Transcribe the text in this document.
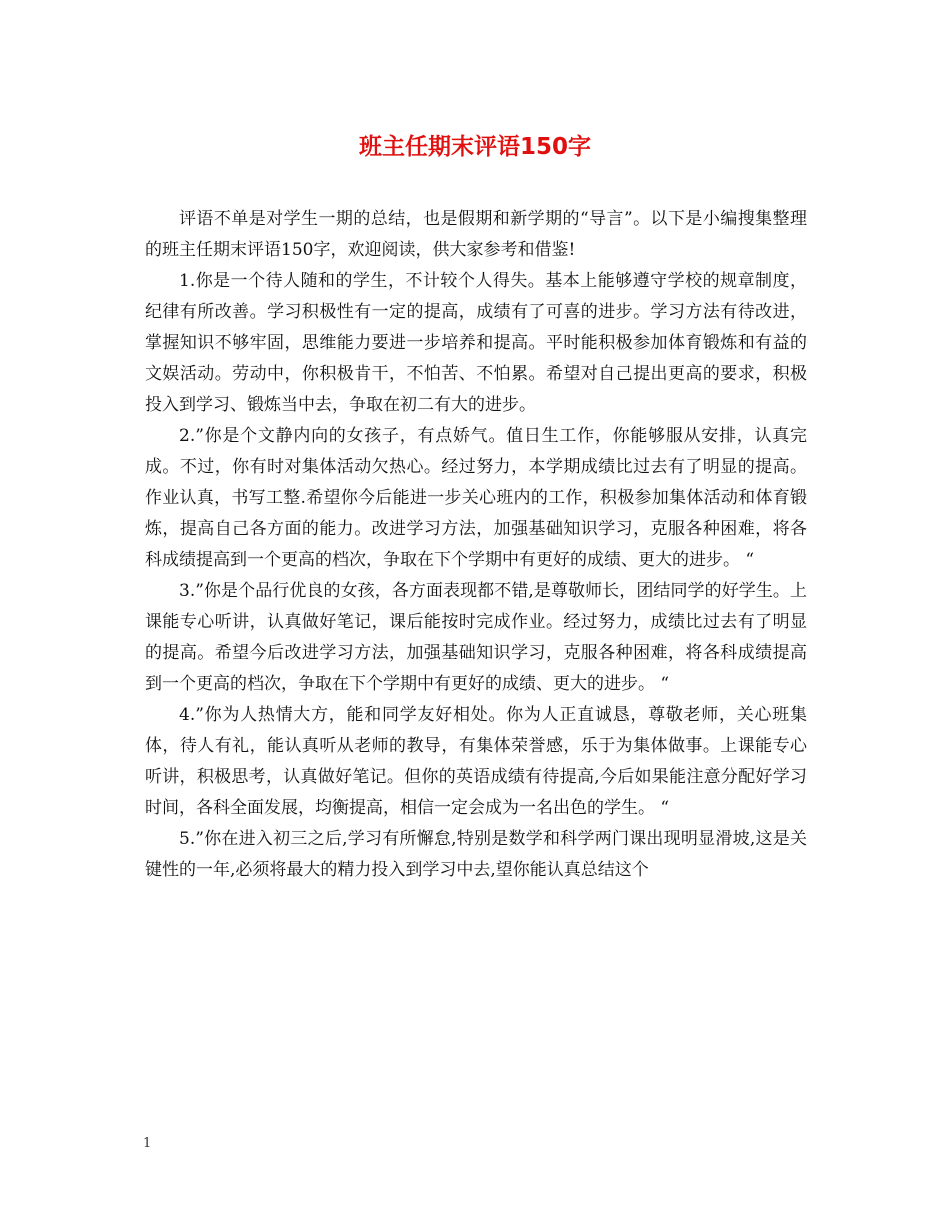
班主任期末评语150字

评语不单是对学生一期的总结，也是假期和新学期的“导言”。以下是小编搜集整理的班主任期末评语150字，欢迎阅读，供大家参考和借鉴!

1.你是一个待人随和的学生，不计较个人得失。基本上能够遵守学校的规章制度，纪律有所改善。学习积极性有一定的提高，成绩有了可喜的进步。学习方法有待改进，掌握知识不够牢固，思维能力要进一步培养和提高。平时能积极参加体育锻炼和有益的文娱活动。劳动中，你积极肯干，不怕苦、不怕累。希望对自己提出更高的要求，积极投入到学习、锻炼当中去，争取在初二有大的进步。

2.”你是个文静内向的女孩子，有点娇气。值日生工作，你能够服从安排，认真完成。不过，你有时对集体活动欠热心。经过努力，本学期成绩比过去有了明显的提高。作业认真，书写工整.希望你今后能进一步关心班内的工作，积极参加集体活动和体育锻炼，提高自己各方面的能力。改进学习方法，加强基础知识学习，克服各种困难，将各科成绩提高到一个更高的档次，争取在下个学期中有更好的成绩、更大的进步。 “

3.”你是个品行优良的女孩，各方面表现都不错,是尊敬师长，团结同学的好学生。上课能专心听讲，认真做好笔记，课后能按时完成作业。经过努力，成绩比过去有了明显的提高。希望今后改进学习方法，加强基础知识学习，克服各种困难，将各科成绩提高到一个更高的档次，争取在下个学期中有更好的成绩、更大的进步。 “

4.”你为人热情大方，能和同学友好相处。你为人正直诚恳，尊敬老师，关心班集体，待人有礼，能认真听从老师的教导，有集体荣誉感，乐于为集体做事。上课能专心听讲，积极思考，认真做好笔记。但你的英语成绩有待提高,今后如果能注意分配好学习时间，各科全面发展，均衡提高，相信一定会成为一名出色的学生。 “

5.”你在进入初三之后,学习有所懈怠,特别是数学和科学两门课出现明显滑坡,这是关键性的一年,必须将最大的精力投入到学习中去,望你能认真总结这个

1
